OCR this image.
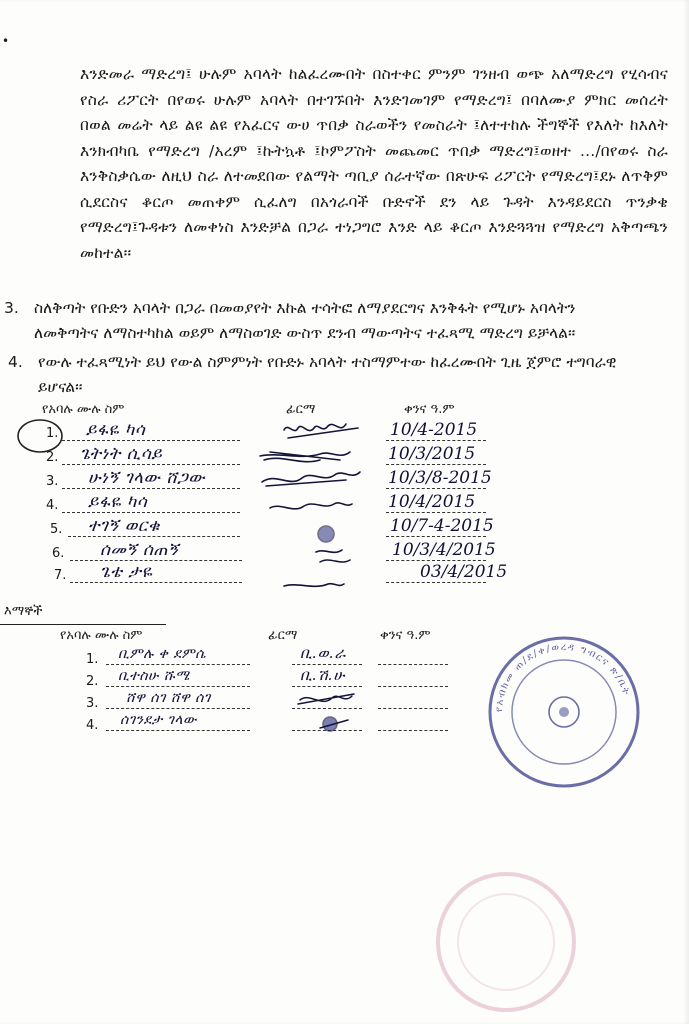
•

እንድመራ ማድረግ፤ ሁሉም አባላት ከልፈረሙበት በስተቀር ምንም ገንዘብ ወጭ አለማድረግ የሂሳብና የስራ ሪፖርት በየወሩ ሁሉም አባላት በተገኙበት እንድገመገም የማድረግ፤ በባለሙያ ምክር መሰረት በወል መሬት ላይ ልዩ ልዩ የአፈርና ውሀ ጥበቃ ስራወችን የመስራት ፤ለተተከሉ ችግኞች የእለት ከእለት እንክብካቤ የማድረግ /አረም ፤ኩትኳቶ ፤ኮምፖስት መጨመር ጥበቃ ማድረግ፤ወዘተ .../በየወሩ ስራ እንቅስቃሴው ለዚህ ስራ ለተመደበው የልማት ጣቢያ ሰራተኛው በጽሁፍ ሪፖርት የማድረግ፤ደኑ ለጥቅም ሲደርስና ቆርጦ መጠቀም ሲፈለግ በአጎራባች ቡድኖች ደን ላይ ጉዳት እንዳይደርስ ጥንቃቄ የማድረግ፤ጉዳቱን ለመቀነስ እንድቻል በጋራ ተነጋግሮ እንድ ላይ ቆርጦ እንድጓጓዝ የማድረግ አቅጣጫን መከተል፡፡

3. ስለቅጣት የቡድን አባላት በጋራ በመወያየት እኩል ተሳትፎ ለማያደርግና እንቅፋት የሚሆኑ አባላትን
ለመቅጣትና ለማስተካከል ወይም ለማስወገድ ውስጥ ደንብ ማውጣትና ተፈጻሚ ማድረግ ይቻላል፡፡
4. የውሉ ተፈጻሚነት ይህ የውል ስምምነት የቡድኑ አባላት ተስማምተው ከፈረሙበት ጊዜ ጀምሮ ተግባራዊ
ይሆናል፡፡
የአባሉ ሙሉ ስም	ፊርማ	ቀንና ዓ.ም
1. ይፋዬ ካሳ	10/4-2015
2. ጌትነት ሲሳይ	10/3/2015
3. ሁነኝ ገላው ሸጋው	10/3/8-2015
4. ይፋዬ ካሳ	10/4/2015
5. ተገኝ ወርቁ	10/7-4-2015
6. ሰመኝ ሰጠኝ	10/3/4/2015
7. ጌቴ ታዬ	03/4/2015
እማኞች
የአባሉ ሙሉ ስም	ፊርማ	ቀንና ዓ.ም
1. ቢምሉ ቀ ደምሴ	ቢ.ወ.ራ
2. ቢተስሁ ሹሜ	ቢ.ሽ.ሁ
3. ሸዋ ሰገ ሸዋ ሰገ
4. ሰገንደታ ገላው
የአብክመ ጠ/ደ/ቀ/ወረዳ ግብርና ጽ/ቤት
